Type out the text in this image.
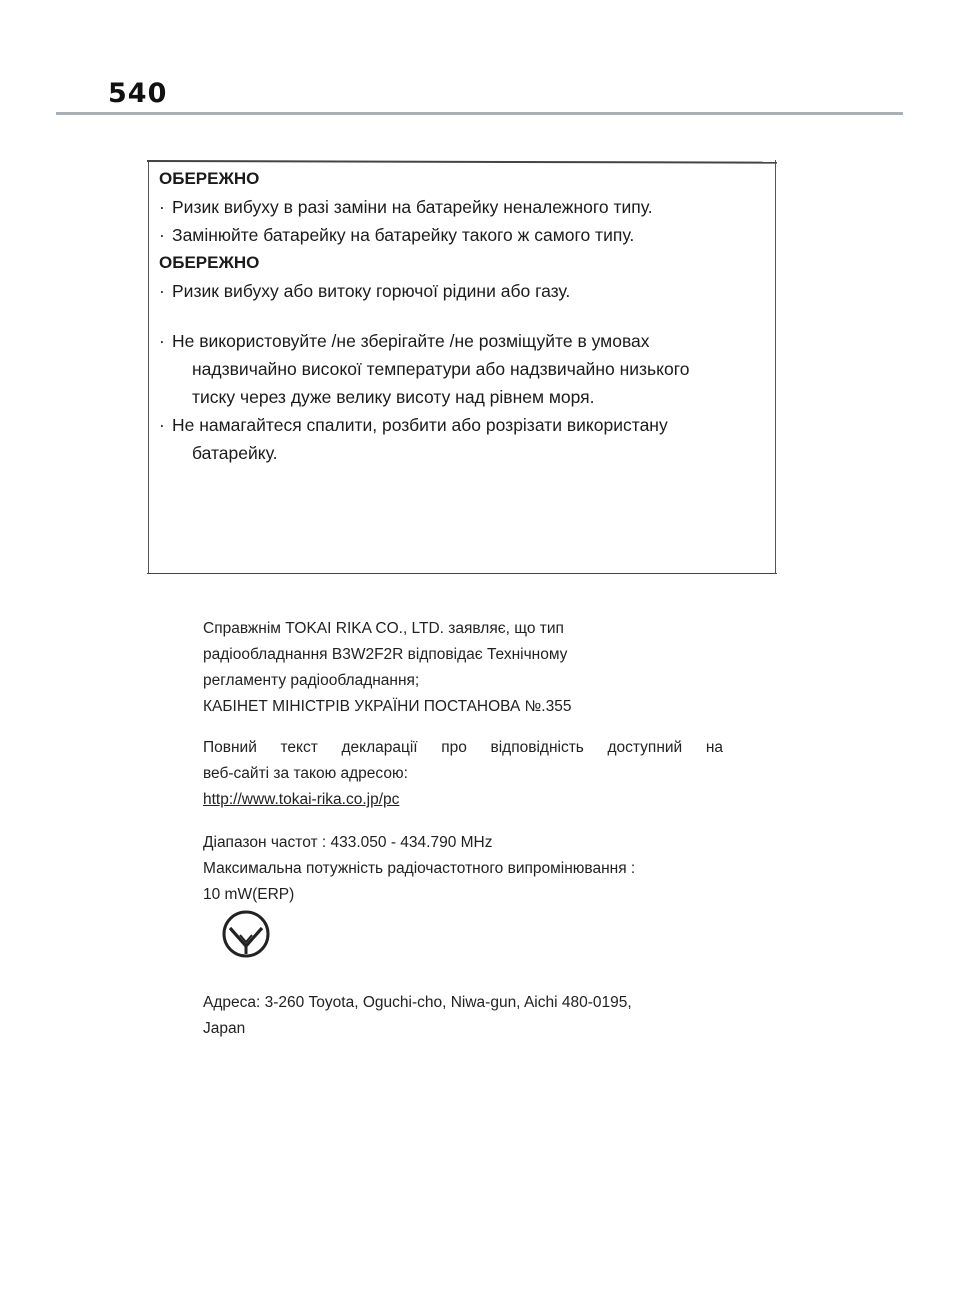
540

ОБЕРЕЖНО

· Ризик вибуху в разі заміни на батарейку неналежного типу.

· Замінюйте батарейку на батарейку такого ж самого типу.

ОБЕРЕЖНО

· Ризик вибуху або витоку горючої рідини або газу.

· Не використовуйте /не зберігайте /не розміщуйте в умовах
надзвичайно високої температури або надзвичайно низького
тиску через дуже велику висоту над рівнем моря.

· Не намагайтеся спалити, розбити або розрізати використану
батарейку.

Справжнім TOKAI RIKA CO., LTD. заявляє, що тип

радіообладнання B3W2F2R відповідає Технічному

регламенту радіообладнання;

КАБІНЕТ МІНІСТРІВ УКРАЇНИ ПОСТАНОВА №.355

Повний текст декларації про відповідність доступний на

веб-сайті за такою адресою:

http://www.tokai-rika.co.jp/pc

Діапазон частот : 433.050 - 434.790 MHz

Максимальна потужність радіочастотного випромінювання :

10 mW(ERP)

Адреса: 3-260 Toyota, Oguchi-cho, Niwa-gun, Aichi 480-0195,

Japan
